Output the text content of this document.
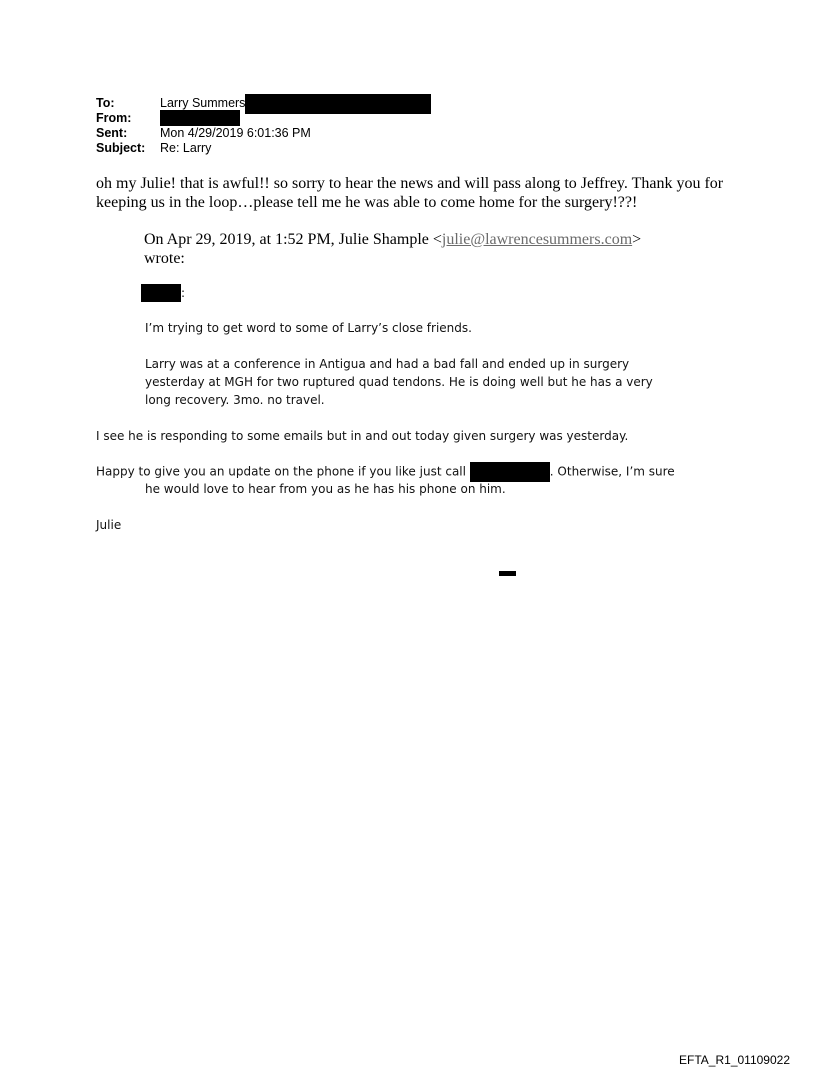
To:	Larry Summers
From:
Sent:	Mon 4/29/2019 6:01:36 PM
Subject: Re: Larry
oh my Julie! that is awful!! so sorry to hear the news and will pass along to Jeffrey. Thank you for keeping us in the loop…please tell me he was able to come home for the surgery!??!
On Apr 29, 2019, at 1:52 PM, Julie Shample <julie@lawrencesummers.com>
wrote:
:
I’m trying to get word to some of Larry’s close friends.
Larry was at a conference in Antigua and had a bad fall and ended up in surgery
yesterday at MGH for two ruptured quad tendons. He is doing well but he has a very
long recovery. 3mo. no travel.
I see he is responding to some emails but in and out today given surgery was yesterday.
Happy to give you an update on the phone if you like just call	. Otherwise, I’m sure
he would love to hear from you as he has his phone on him.
Julie
EFTA_R1_01109022
